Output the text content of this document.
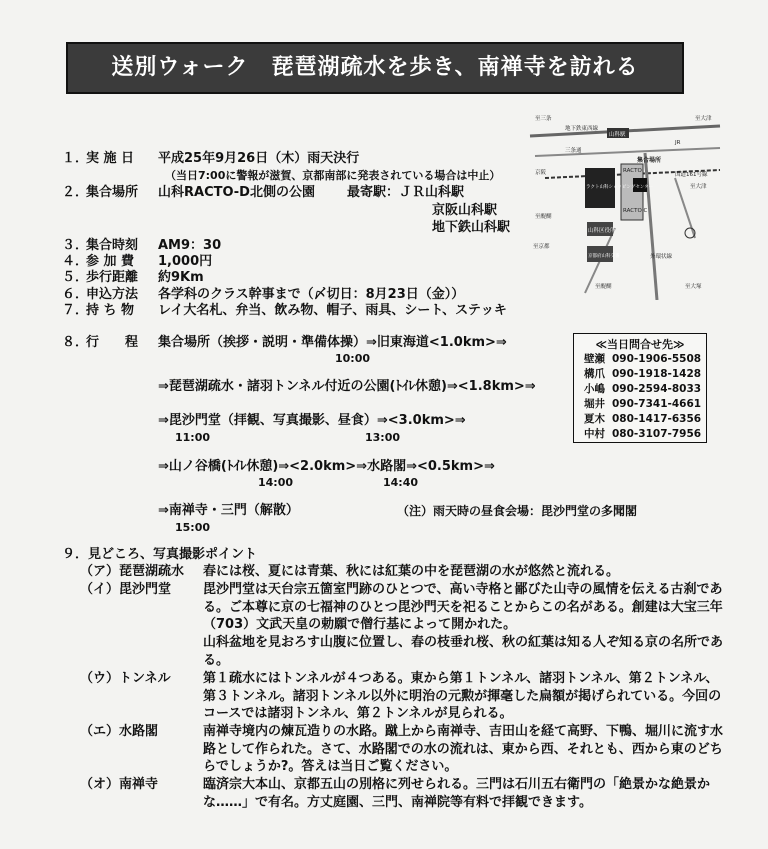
送別ウォーク　琵琶湖疏水を歩き、南禅寺を訪れる
１．
実 施 日 平成25年9月26日（木）雨天決行
（当日7:00に警報が滋賀、京都南部に発表されている場合は中止）
２．
集合場所 山科RACTO-D北側の公園 最寄駅：ＪＲ山科駅
京阪山科駅
地下鉄山科駅
３．
集合時刻 AM9：30
４．
参 加 費 1,000円
５．
歩行距離 約9Km
６．
申込方法 各学科のクラス幹事まで（〆切日：8月23日（金））
７．
持 ち 物 レイ大名札、弁当、飲み物、帽子、雨具、シート、ステッキ
８．
行　　程 集合場所（挨拶・説明・準備体操）⇒旧東海道<1.0km>⇒
10:00
⇒琵琶湖疏水・諸羽トンネル付近の公園(ﾄｲﾚ休憩)⇒<1.8km>⇒
⇒毘沙門堂（拝観、写真撮影、昼食）⇒<3.0km>⇒
11:00	13:00
⇒山ノ谷橋(ﾄｲﾚ休憩)⇒<2.0km>⇒水路閣⇒<0.5km>⇒
14:00	14:40
⇒南禅寺・三門（解散）
15:00
（注）雨天時の昼食会場：毘沙門堂の多聞閣
≪当日問合せ先≫
壁瀬 090-1906-5508
構爪 090-1918-1428
小嶋 090-2594-8033
堀井 090-7341-4661
夏木 080-1417-6356
中村 080-3107-7956
至三条
地下鉄東西線
三条通
至大津
山科駅
JR
京阪
ラクト山科ショッピングセンター
RACTO
集合場所
RACTO C
国道161号線
至大津
外環状線
至醍醐
至京都
山科区役所
京都府山科交番
至醍醐	至大塚
９．見どころ、写真撮影ポイント
（ア）琵琶湖疏水 春には桜、夏には青葉、秋には紅葉の中を琵琶湖の水が悠然と流れる。
（イ）毘沙門堂 毘沙門堂は天台宗五箇室門跡のひとつで、高い寺格と鄙びた山寺の風情を伝える古刹である。ご本尊に京の七福神のひとつ毘沙門天を祀ることからこの名がある。創建は大宝三年（703）文武天皇の勅願で僧行基によって開かれた。
山科盆地を見おろす山腹に位置し、春の枝垂れ桜、秋の紅葉は知る人ぞ知る京の名所である。
（ウ）トンネル 第１疏水にはトンネルが４つある。東から第１トンネル、諸羽トンネル、第２トンネル、第３トンネル。諸羽トンネル以外に明治の元勲が揮毫した扁額が掲げられている。今回のコースでは諸羽トンネル、第２トンネルが見られる。
（エ）水路閣	南禅寺境内の煉瓦造りの水路。蹴上から南禅寺、吉田山を経て高野、下鴨、堀川に流す水路として作られた。さて、水路閣での水の流れは、東から西、それとも、西から東のどちらでしょうか?。答えは当日ご覧ください。
（オ）南禅寺	臨済宗大本山、京都五山の別格に列せられる。三門は石川五右衛門の「絶景かな絶景かな……」で有名。方丈庭園、三門、南禅院等有料で拝観できます。
